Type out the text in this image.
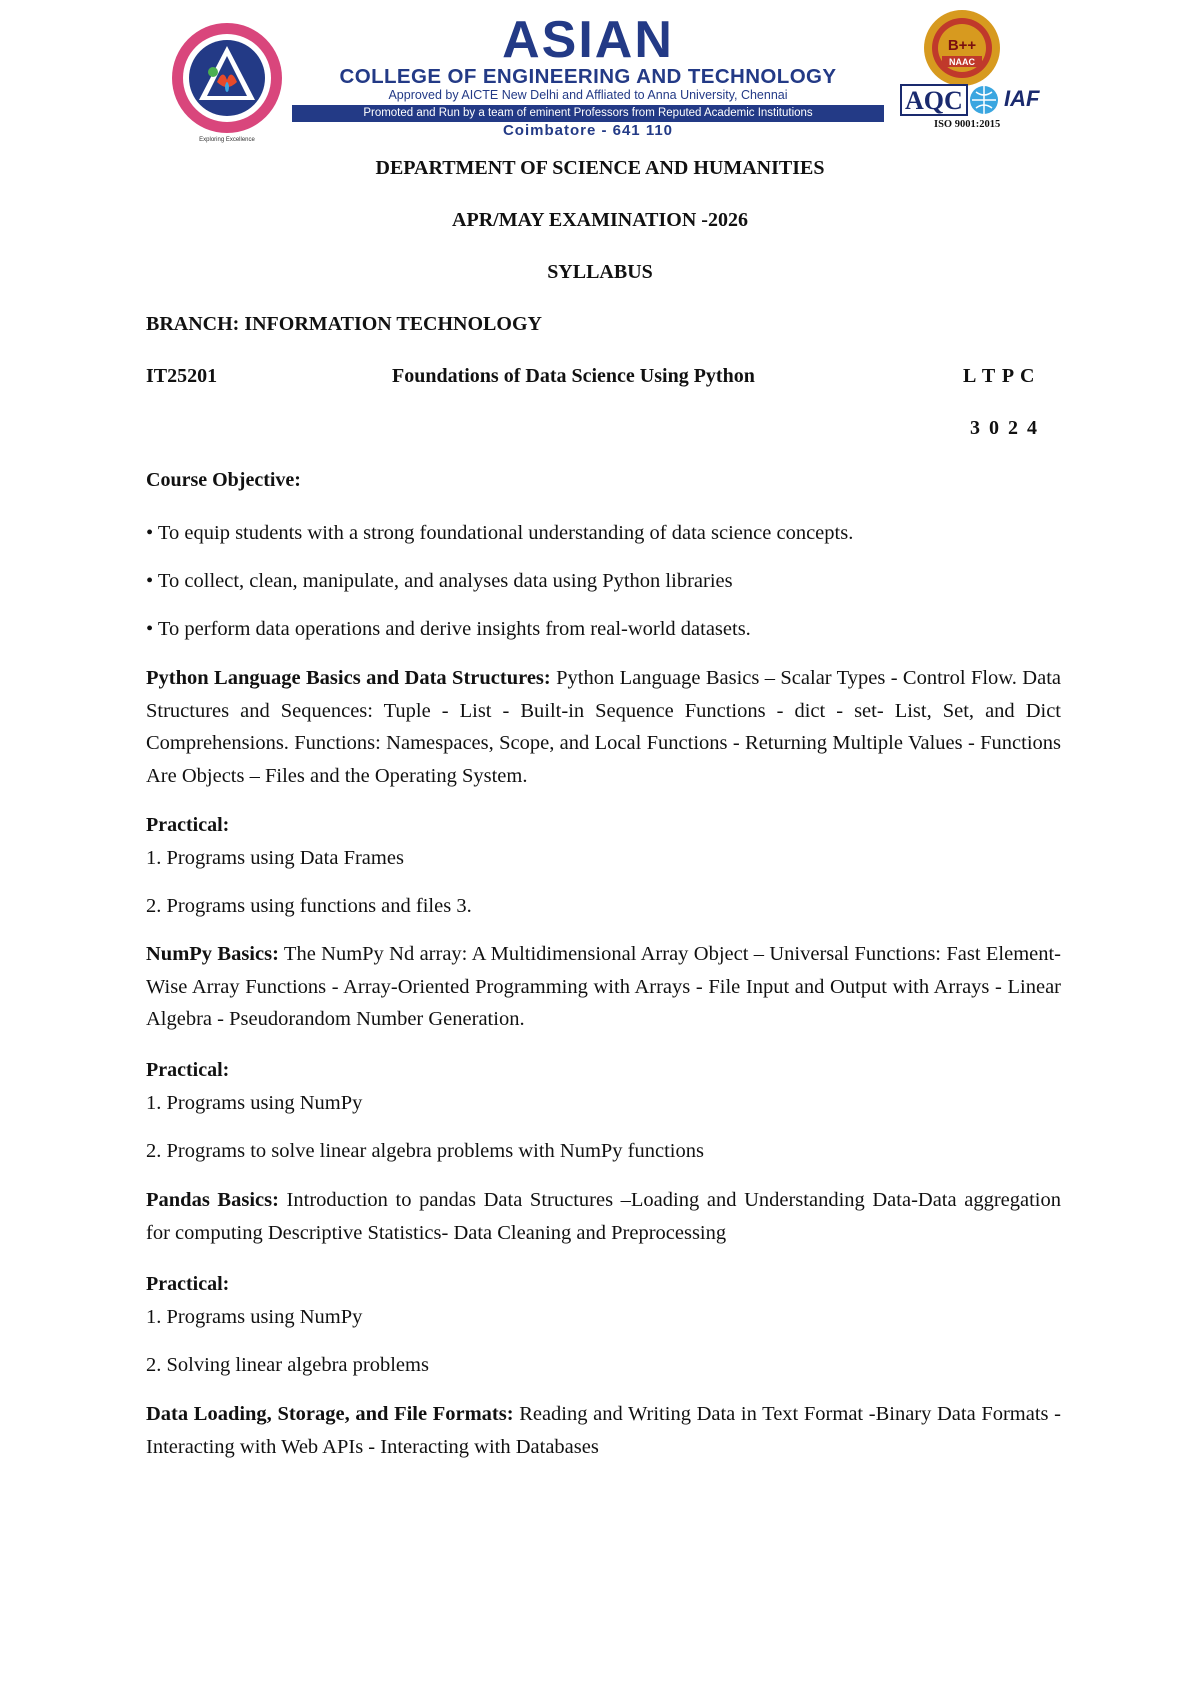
Exploring Excellence
ASIAN
COLLEGE OF ENGINEERING AND TECHNOLOGY
Approved by AICTE New Delhi and Affliated to Anna University, Chennai
Promoted and Run by a team of eminent Professors from Reputed Academic Institutions
Coimbatore - 641 110
B++
NAAC
AQC IAF
ISO 9001:2015
DEPARTMENT OF SCIENCE AND HUMANITIES
APR/MAY EXAMINATION -2026
SYLLABUS
BRANCH: INFORMATION TECHNOLOGY
IT25201	Foundations of Data Science Using Python	L T P C
3 0 2 4
Course Objective:
• To equip students with a strong foundational understanding of data science concepts.
• To collect, clean, manipulate, and analyses data using Python libraries
• To perform data operations and derive insights from real-world datasets.
Python Language Basics and Data Structures: Python Language Basics – Scalar Types - Control Flow. Data Structures and Sequences: Tuple - List - Built-in Sequence Functions - dict - set- List, Set, and Dict Comprehensions. Functions: Namespaces, Scope, and Local Functions - Returning Multiple Values - Functions Are Objects – Files and the Operating System.
Practical:
1. Programs using Data Frames
2. Programs using functions and files 3.
NumPy Basics: The NumPy Nd array: A Multidimensional Array Object – Universal Functions: Fast Element-Wise Array Functions - Array-Oriented Programming with Arrays - File Input and Output with Arrays - Linear Algebra - Pseudorandom Number Generation.
Practical:
1. Programs using NumPy
2. Programs to solve linear algebra problems with NumPy functions
Pandas Basics: Introduction to pandas Data Structures –Loading and Understanding Data-Data aggregation for computing Descriptive Statistics- Data Cleaning and Preprocessing
Practical:
1. Programs using NumPy
2. Solving linear algebra problems
Data Loading, Storage, and File Formats: Reading and Writing Data in Text Format -Binary Data Formats - Interacting with Web APIs - Interacting with Databases
